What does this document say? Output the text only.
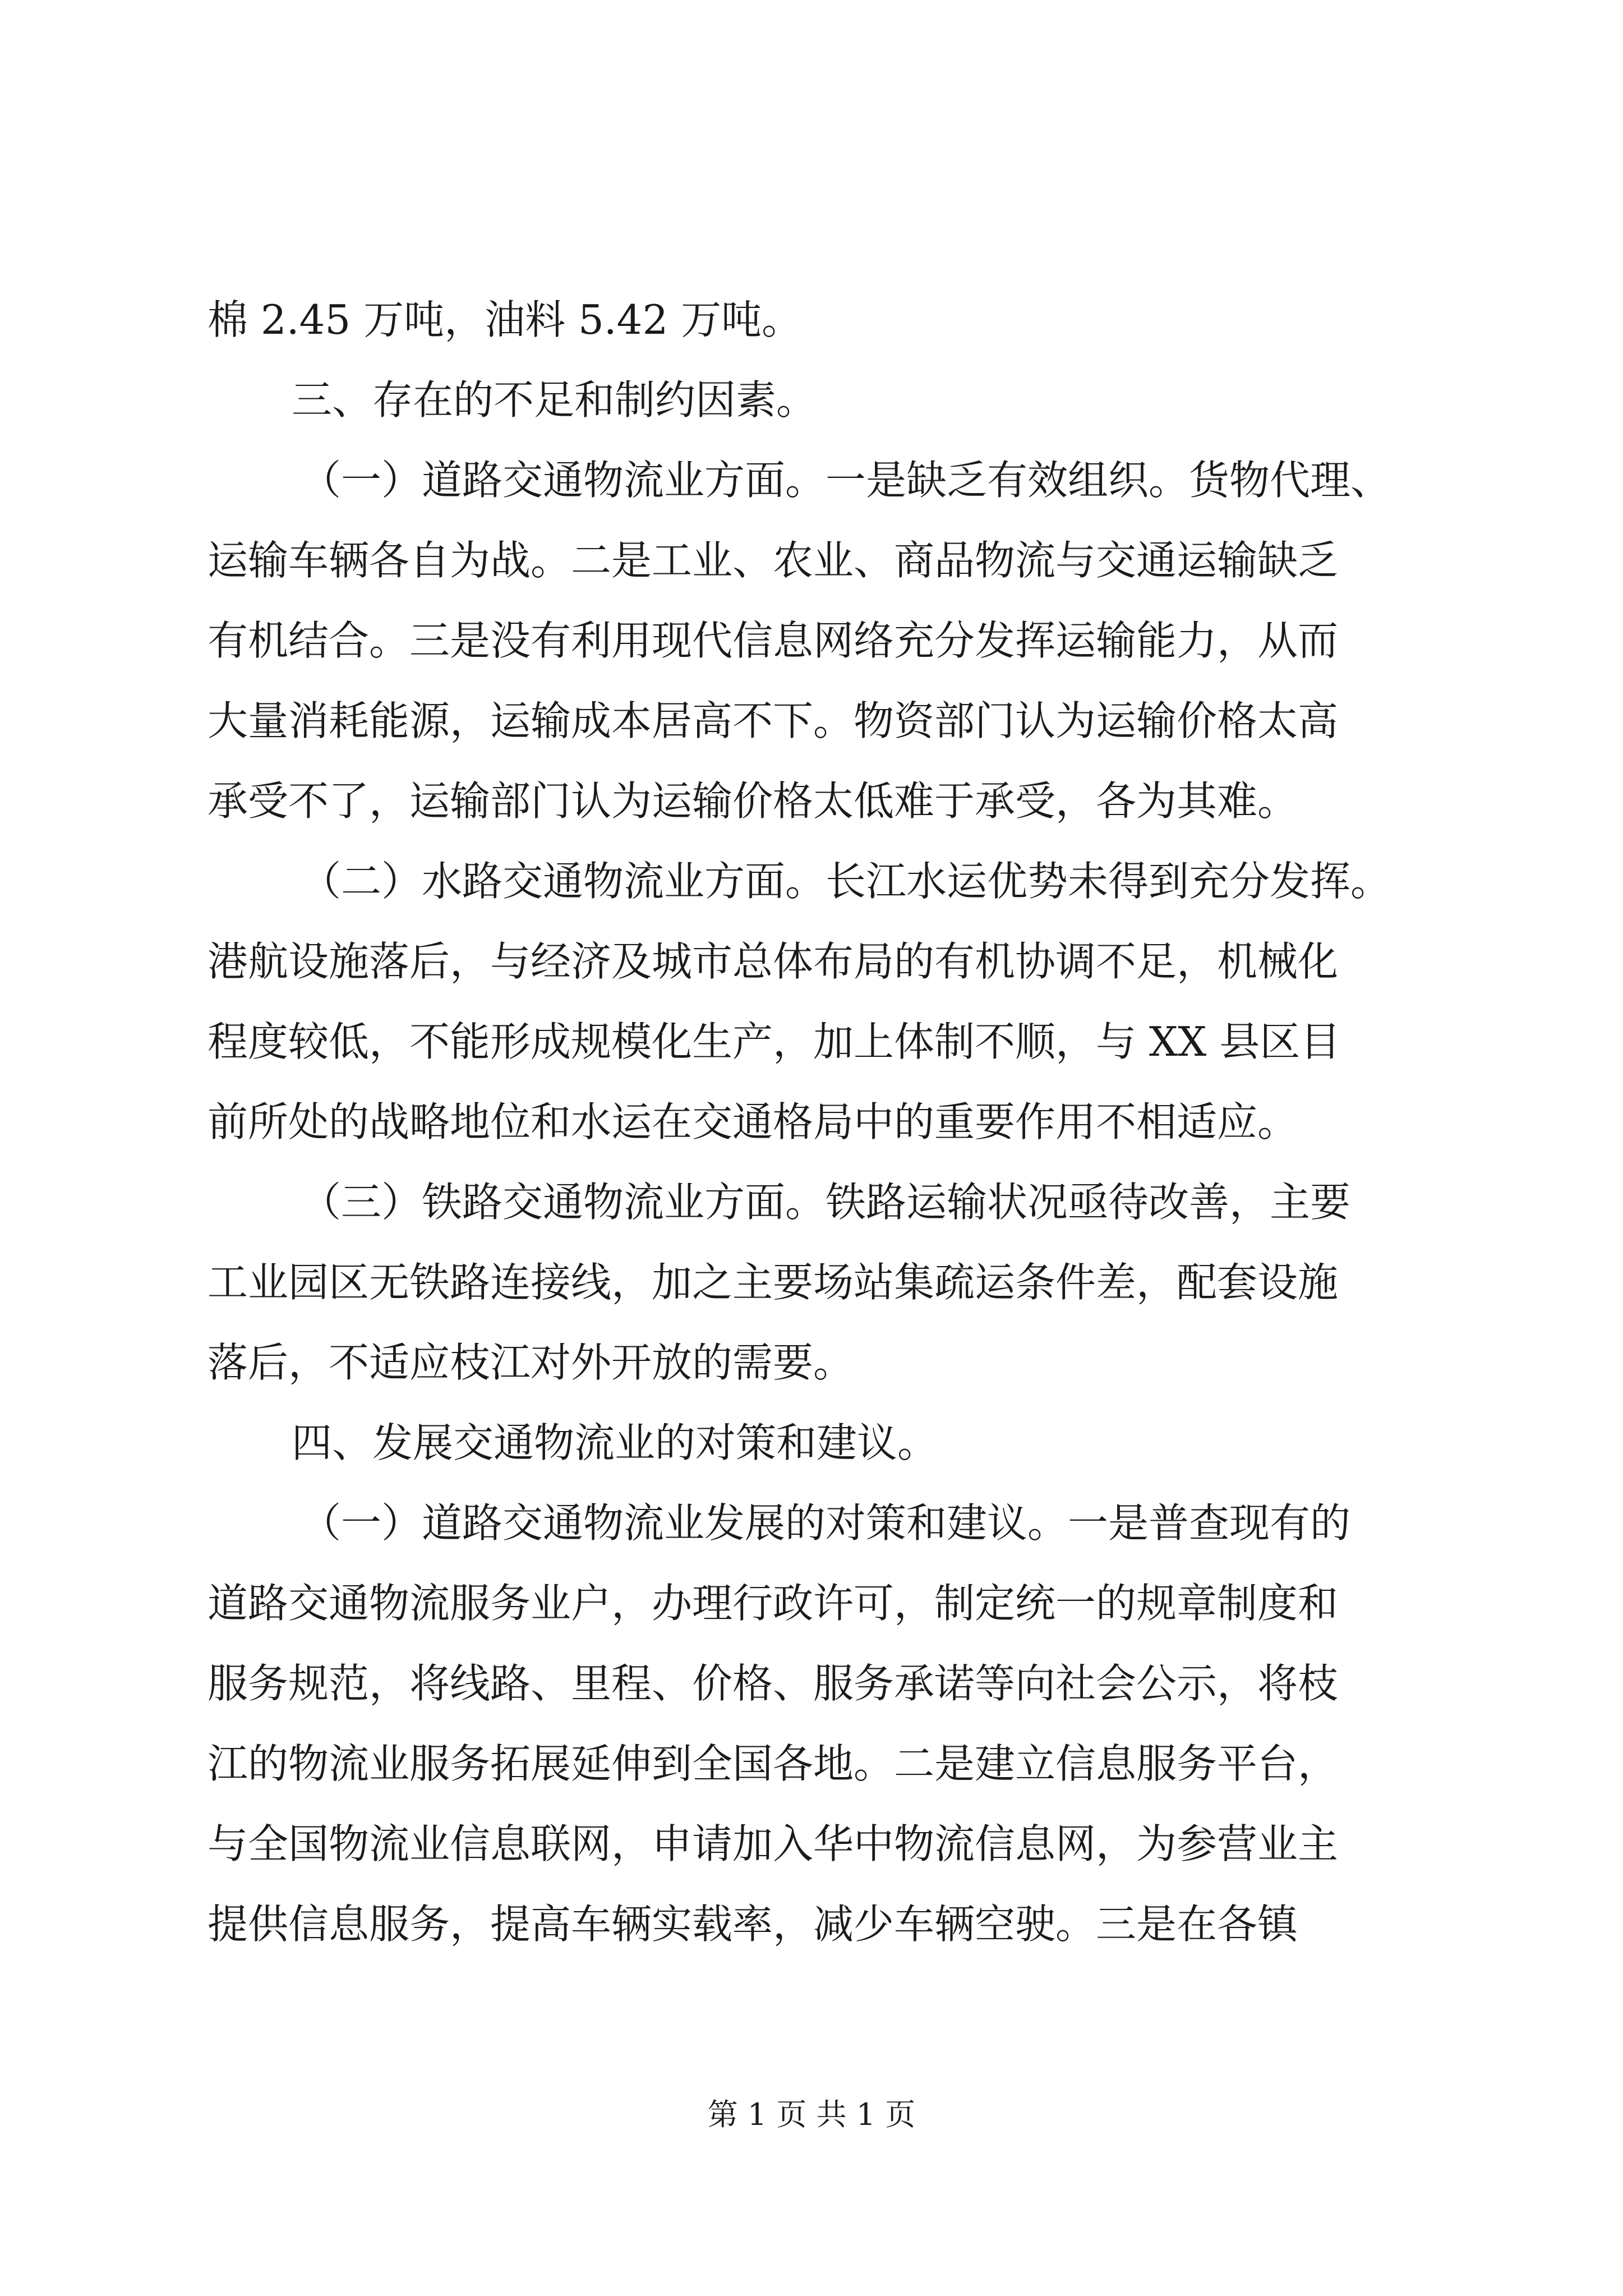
棉 2.45 万吨，油料 5.42 万吨。
三、存在的不足和制约因素。
（一）道路交通物流业方面。一是缺乏有效组织。货物代理、
运输车辆各自为战。二是工业、农业、商品物流与交通运输缺乏
有机结合。三是没有利用现代信息网络充分发挥运输能力，从而
大量消耗能源，运输成本居高不下。物资部门认为运输价格太高
承受不了，运输部门认为运输价格太低难于承受，各为其难。
（二）水路交通物流业方面。长江水运优势未得到充分发挥。
港航设施落后，与经济及城市总体布局的有机协调不足，机械化
程度较低，不能形成规模化生产，加上体制不顺，与 XX 县区目
前所处的战略地位和水运在交通格局中的重要作用不相适应。
（三）铁路交通物流业方面。铁路运输状况亟待改善，主要
工业园区无铁路连接线，加之主要场站集疏运条件差，配套设施
落后，不适应枝江对外开放的需要。
四、发展交通物流业的对策和建议。
（一）道路交通物流业发展的对策和建议。一是普查现有的
道路交通物流服务业户，办理行政许可，制定统一的规章制度和
服务规范，将线路、里程、价格、服务承诺等向社会公示，将枝
江的物流业服务拓展延伸到全国各地。二是建立信息服务平台，
与全国物流业信息联网，申请加入华中物流信息网，为参营业主
提供信息服务，提高车辆实载率，减少车辆空驶。三是在各镇
第 1 页 共 1 页
